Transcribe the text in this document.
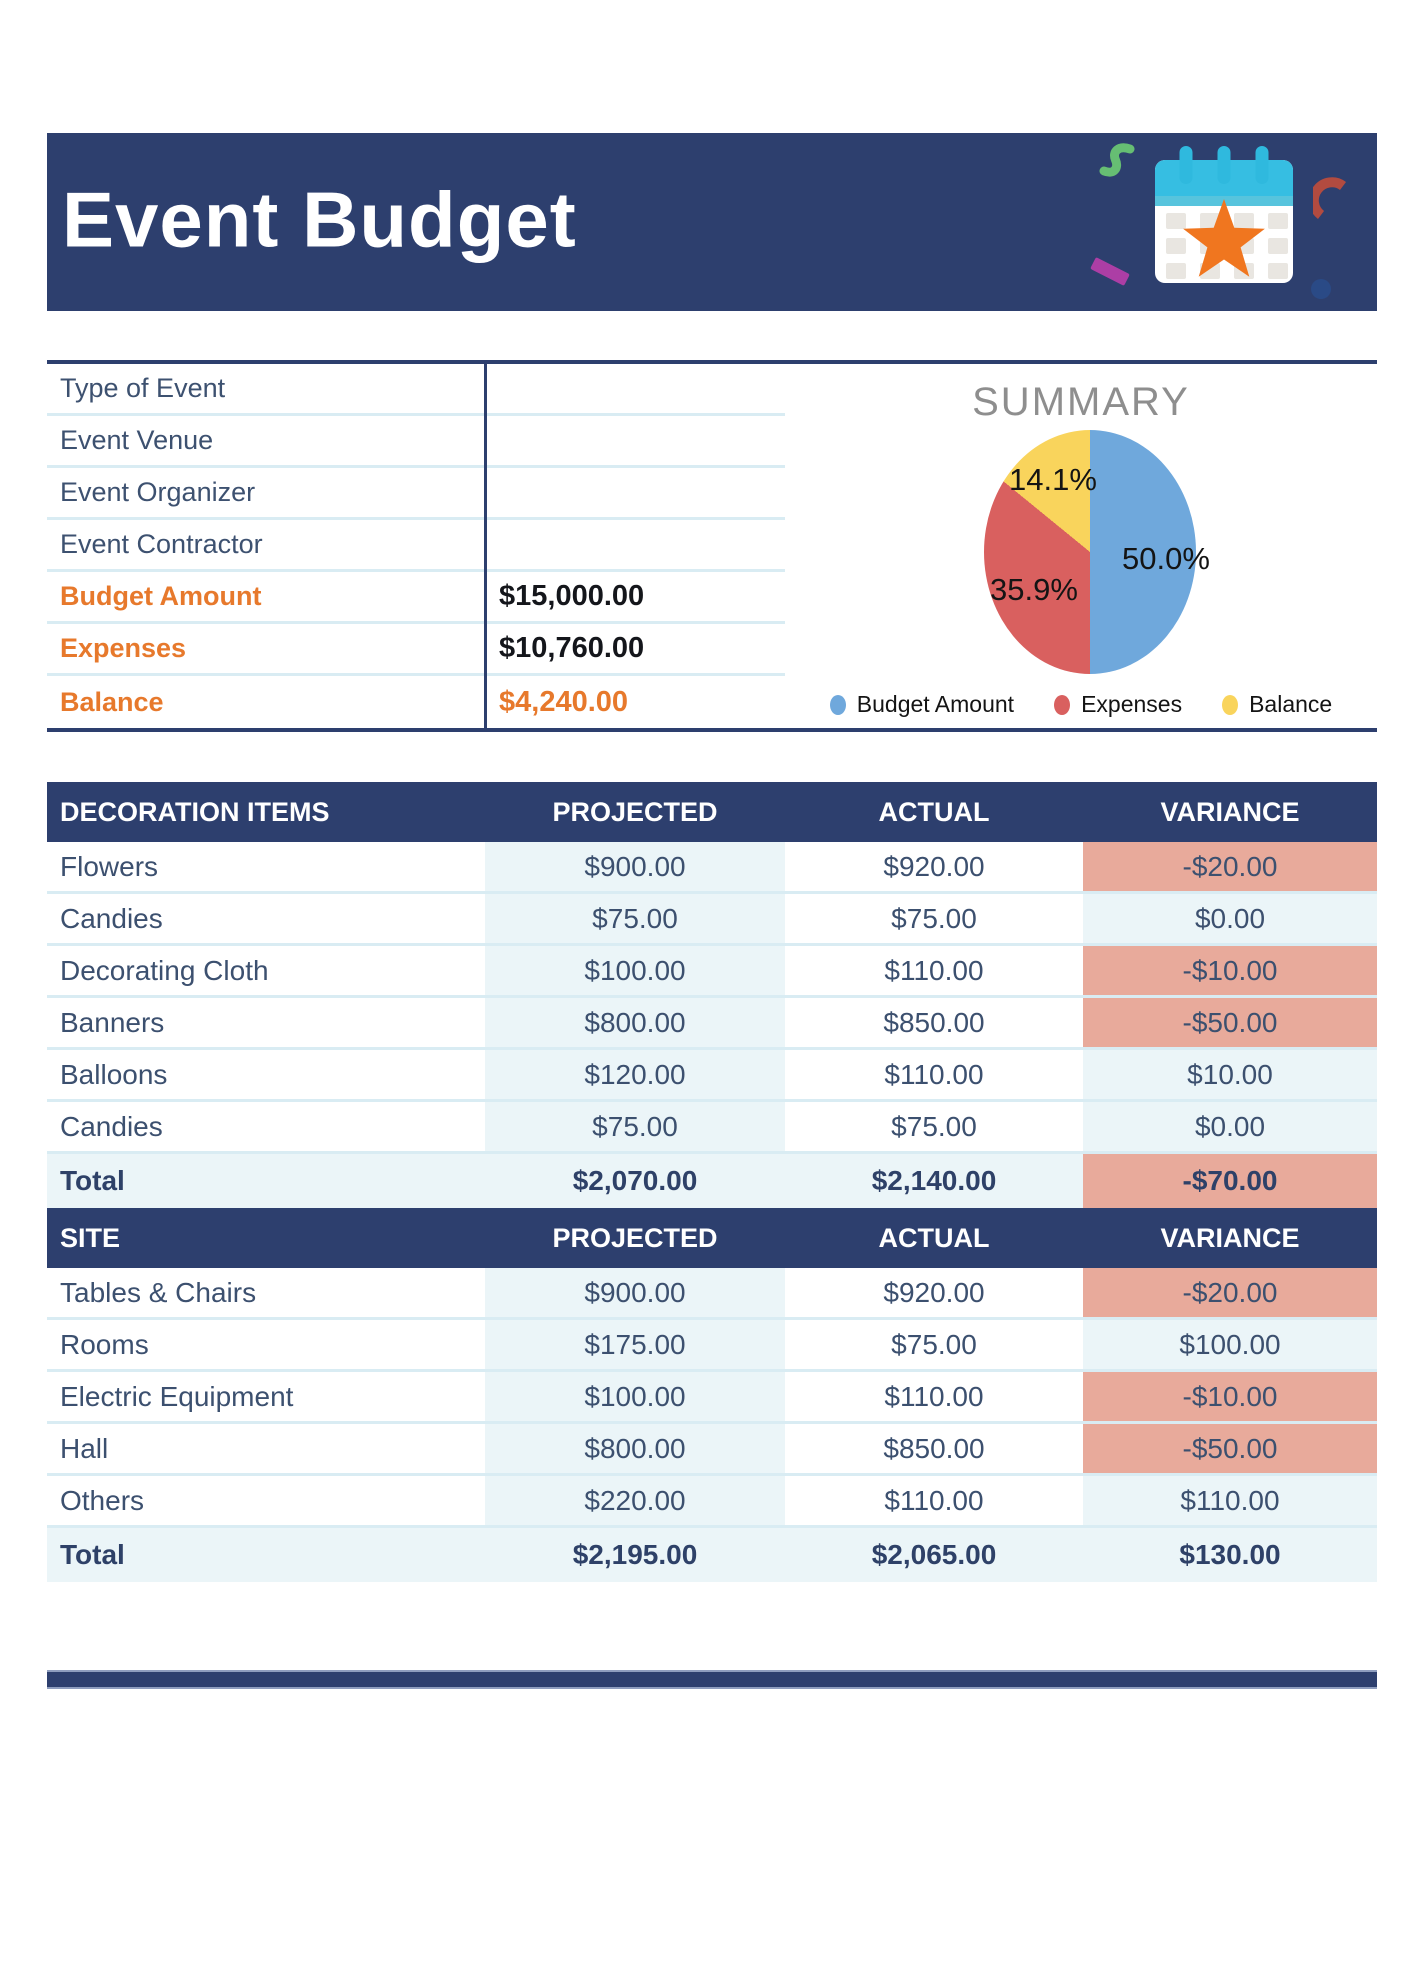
Event Budget
Type of Event
Event Venue
Event Organizer
Event Contractor
Budget Amount	$15,000.00
Expenses	$10,760.00
Balance	$4,240.00
SUMMARY
50.0%
35.9%
14.1%
Budget Amount	Expenses	Balance
DECORATION ITEMS	PROJECTED	ACTUAL	VARIANCE
Flowers	$900.00	$920.00	-$20.00
Candies	$75.00	$75.00	$0.00
Decorating Cloth	$100.00	$110.00	-$10.00
Banners	$800.00	$850.00	-$50.00
Balloons	$120.00	$110.00	$10.00
Candies	$75.00	$75.00	$0.00
Total	$2,070.00	$2,140.00	-$70.00
SITE	PROJECTED	ACTUAL	VARIANCE
Tables & Chairs	$900.00	$920.00	-$20.00
Rooms	$175.00	$75.00	$100.00
Electric Equipment	$100.00	$110.00	-$10.00
Hall	$800.00	$850.00	-$50.00
Others	$220.00	$110.00	$110.00
Total	$2,195.00	$2,065.00	$130.00
